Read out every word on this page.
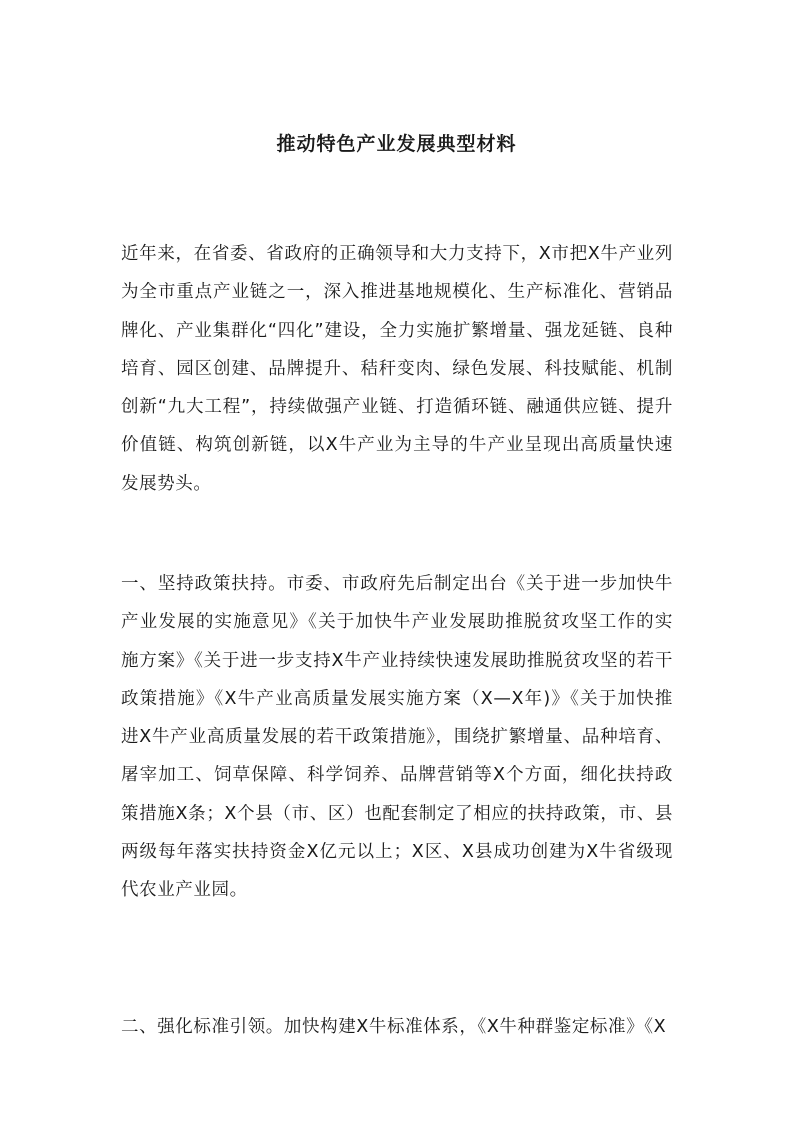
推动特色产业发展典型材料
近年来，在省委、省政府的正确领导和大力支持下，X市把X牛产业列为全市重点产业链之一，深入推进基地规模化、生产标准化、营销品牌化、产业集群化“四化”建设，全力实施扩繁增量、强龙延链、良种培育、园区创建、品牌提升、秸秆变肉、绿色发展、科技赋能、机制创新“九大工程”，持续做强产业链、打造循环链、融通供应链、提升价值链、构筑创新链，以X牛产业为主导的牛产业呈现出高质量快速发展势头。
一、坚持政策扶持。市委、市政府先后制定出台《关于进一步加快牛产业发展的实施意见》《关于加快牛产业发展助推脱贫攻坚工作的实施方案》《关于进一步支持X牛产业持续快速发展助推脱贫攻坚的若干政策措施》《X牛产业高质量发展实施方案（X—X年)》《关于加快推进X牛产业高质量发展的若干政策措施》，围绕扩繁增量、品种培育、屠宰加工、饲草保障、科学饲养、品牌营销等X个方面，细化扶持政策措施X条；X个县（市、区）也配套制定了相应的扶持政策，市、县两级每年落实扶持资金X亿元以上；X区、X县成功创建为X牛省级现代农业产业园。
二、强化标准引领。加快构建X牛标准体系，《X牛种群鉴定标准》《X
